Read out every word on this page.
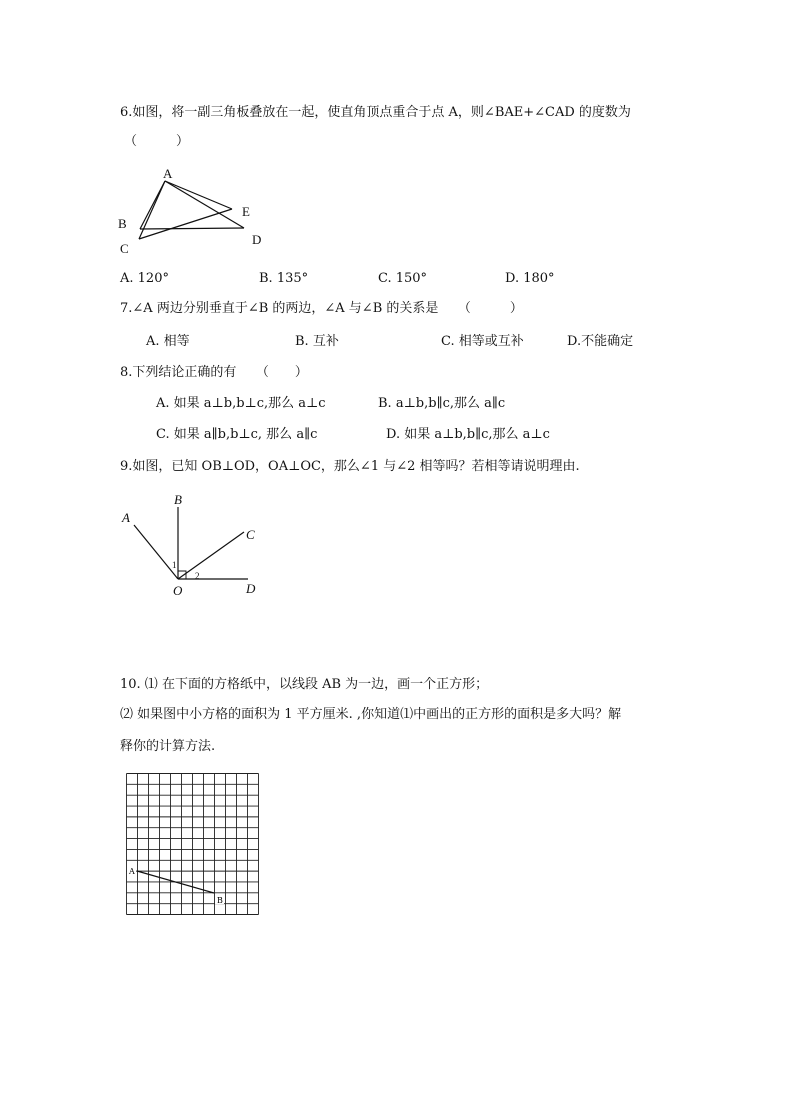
6.如图，将一副三角板叠放在一起，使直角顶点重合于点 A，则∠BAE+∠CAD 的度数为
（　　　）
A
B
C
D
E
A. 120°	B. 135°	C. 150°	D. 180°
7.∠A 两边分别垂直于∠B 的两边，∠A 与∠B 的关系是　　（　　　）
A. 相等	B. 互补	C. 相等或互补	D.不能确定
8.下列结论正确的有　　（　　）
A. 如果 a⊥b,b⊥c,那么 a⊥c	B. a⊥b,b∥c,那么 a∥c
C. 如果 a∥b,b⊥c, 那么 a∥c	D. 如果 a⊥b,b∥c,那么 a⊥c
9.如图，已知 OB⊥OD，OA⊥OC，那么∠1 与∠2 相等吗？若相等请说明理由.
A
B
C
D
O
1
2
10. ⑴ 在下面的方格纸中，以线段 AB 为一边，画一个正方形；
⑵ 如果图中小方格的面积为 1 平方厘米. ,你知道⑴中画出的正方形的面积是多大吗？解
释你的计算方法.
A
B
